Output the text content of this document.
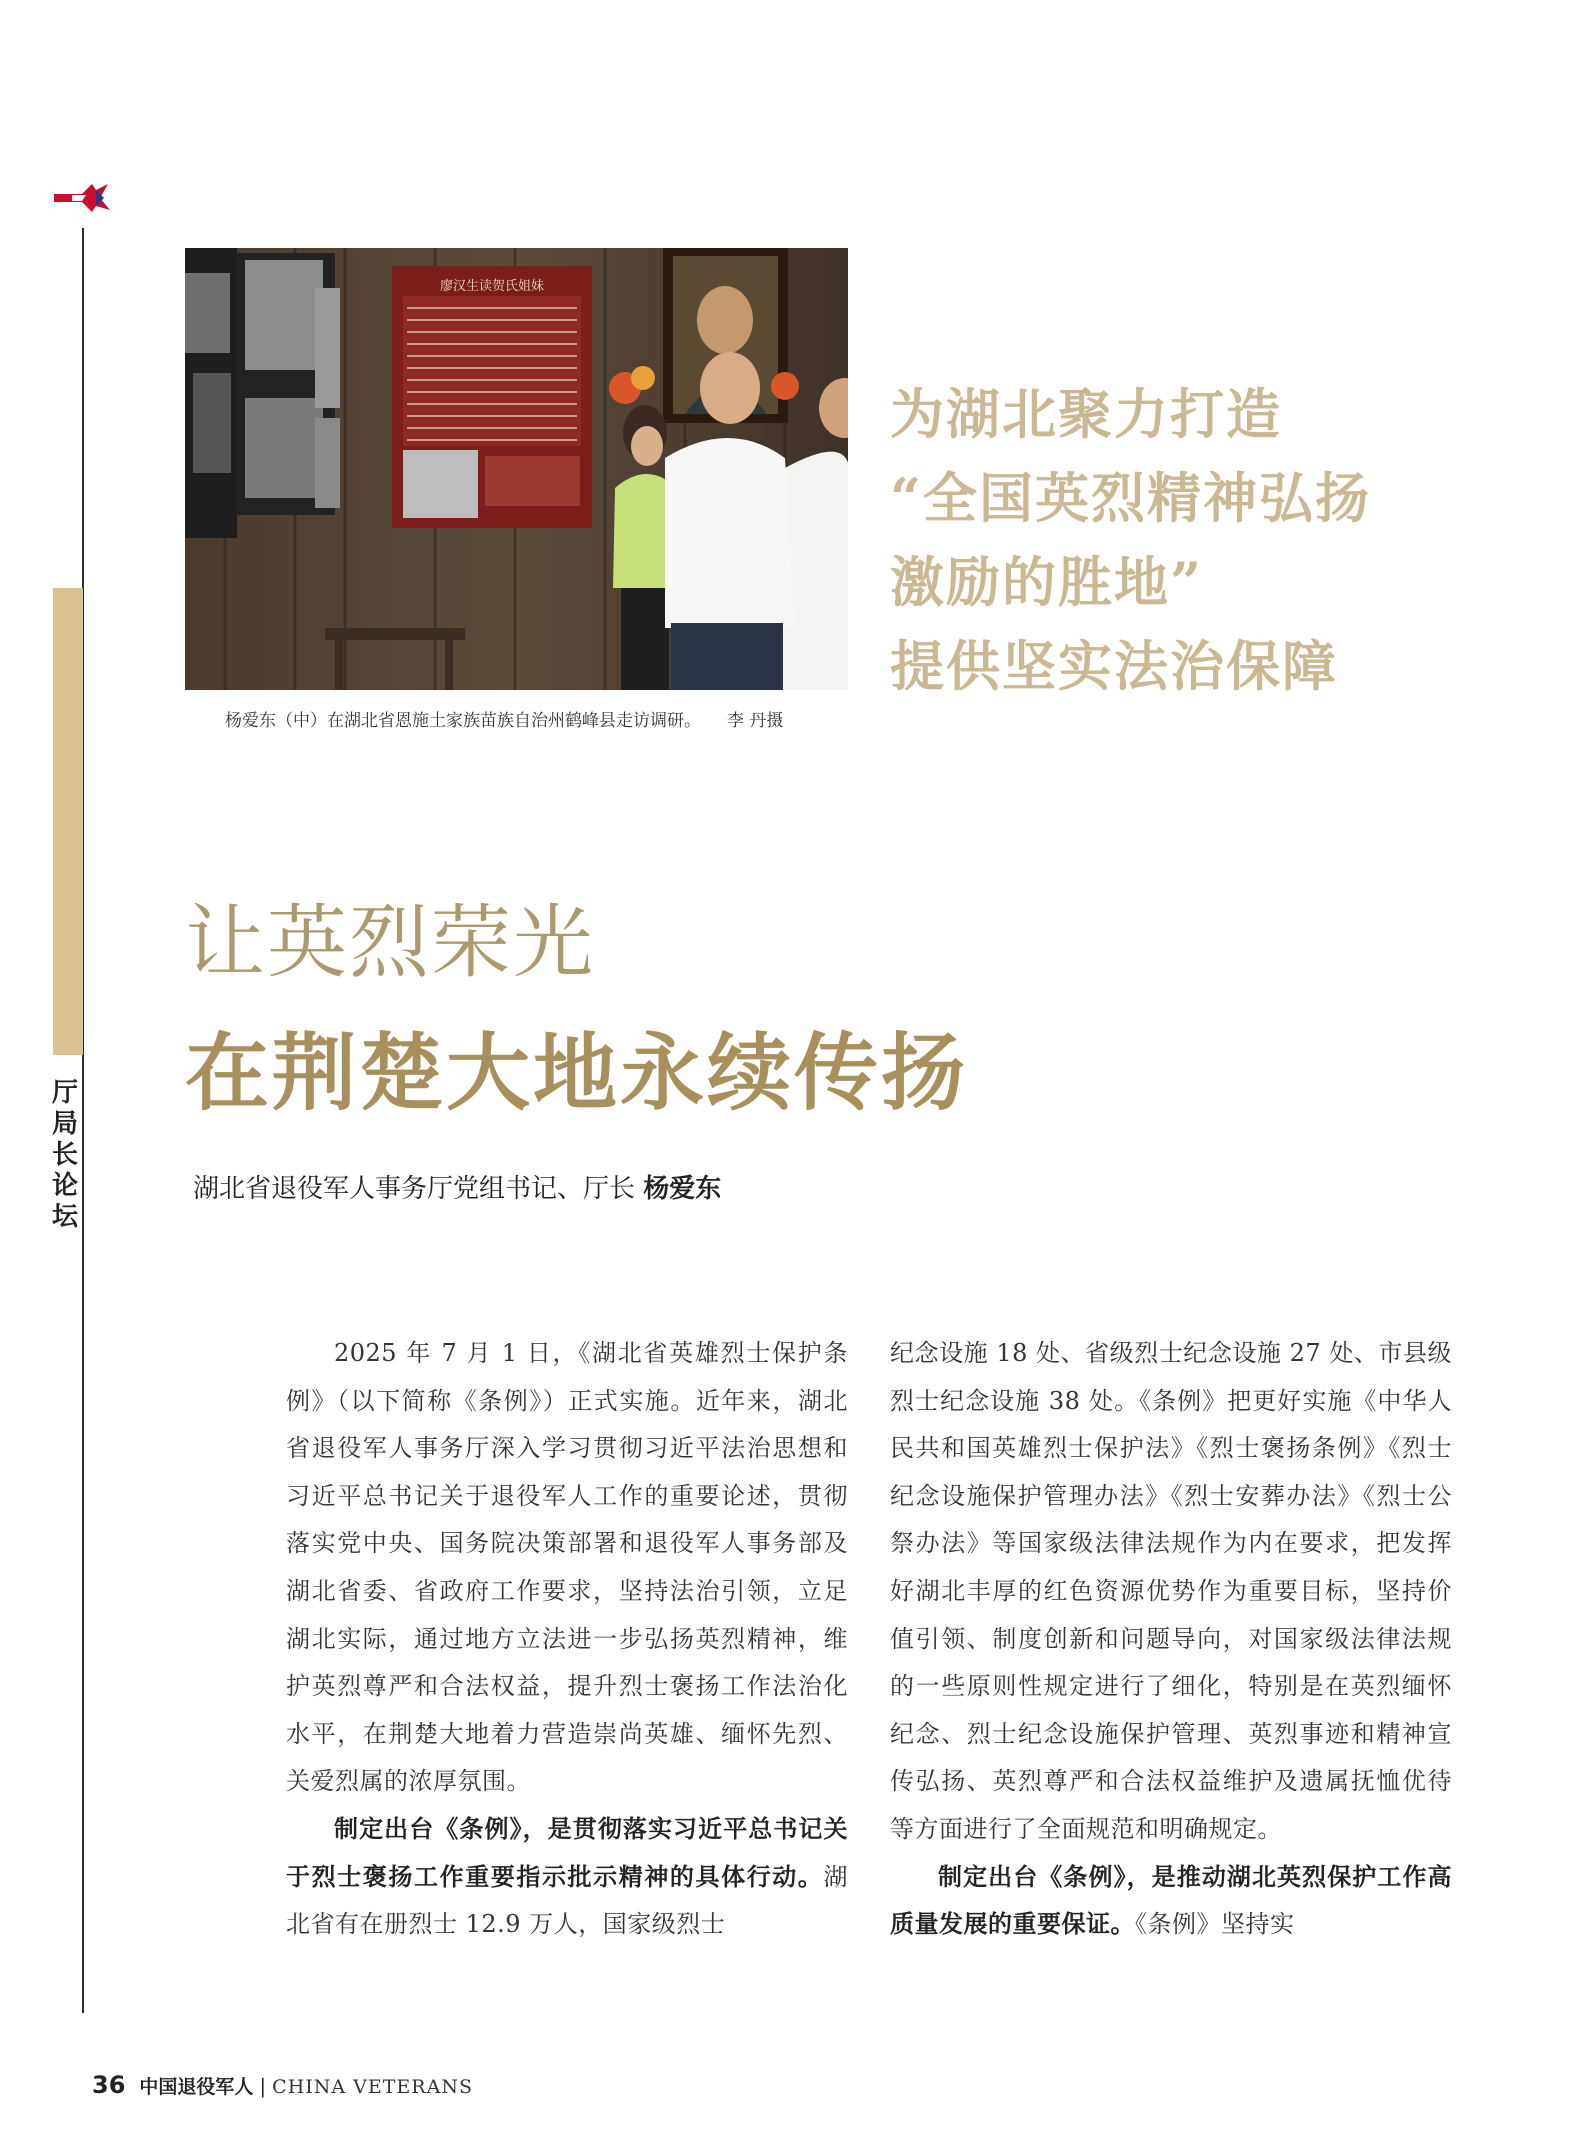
厅
局
长
论
坛
廖汉生读贺氏姐妹
杨爱东（中）在湖北省恩施土家族苗族自治州鹤峰县走访调研。 李 丹摄
为湖北聚力打造
“全国英烈精神弘扬
激励的胜地”
提供坚实法治保障
让英烈荣光
在荆楚大地永续传扬
湖北省退役军人事务厅党组书记、厅长 杨爱东

2025 年 7 月 1 日，《湖北省英雄烈士保护条例》（以下简称《条例》）正式实施。近年来，湖北省退役军人事务厅深入学习贯彻习近平法治思想和习近平总书记关于退役军人工作的重要论述，贯彻落实党中央、国务院决策部署和退役军人事务部及湖北省委、省政府工作要求，坚持法治引领，立足湖北实际，通过地方立法进一步弘扬英烈精神，维护英烈尊严和合法权益，提升烈士褒扬工作法治化水平，在荆楚大地着力营造崇尚英雄、缅怀先烈、关爱烈属的浓厚氛围。

制定出台《条例》，是贯彻落实习近平总书记关于烈士褒扬工作重要指示批示精神的具体行动。湖北省有在册烈士 12.9 万人，国家级烈士

纪念设施 18 处、省级烈士纪念设施 27 处、市县级烈士纪念设施 38 处。《条例》把更好实施《中华人民共和国英雄烈士保护法》《烈士褒扬条例》《烈士纪念设施保护管理办法》《烈士安葬办法》《烈士公祭办法》等国家级法律法规作为内在要求，把发挥好湖北丰厚的红色资源优势作为重要目标，坚持价值引领、制度创新和问题导向，对国家级法律法规的一些原则性规定进行了细化，特别是在英烈缅怀纪念、烈士纪念设施保护管理、英烈事迹和精神宣传弘扬、英烈尊严和合法权益维护及遗属抚恤优待等方面进行了全面规范和明确规定。

制定出台《条例》，是推动湖北英烈保护工作高质量发展的重要保证。《条例》坚持实

36 中国退役军人 | CHINA VETERANS
